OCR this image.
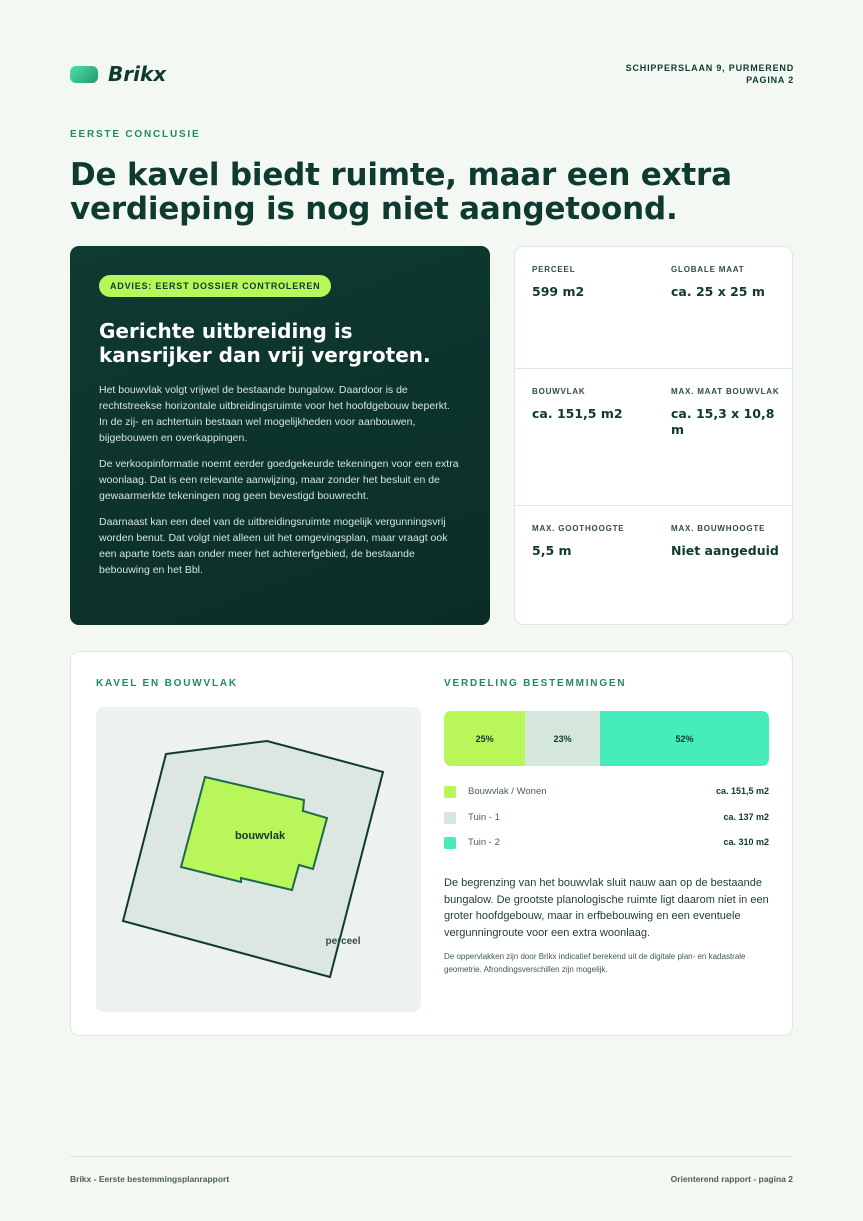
Brikx	SCHIPPERSLAAN 9, PURMEREND
PAGINA 2
EERSTE CONCLUSIE
De kavel biedt ruimte, maar een extra verdieping is nog niet aangetoond.
ADVIES: EERST DOSSIER CONTROLEREN
Gerichte uitbreiding is kansrijker dan vrij vergroten.

Het bouwvlak volgt vrijwel de bestaande bungalow. Daardoor is de rechtstreekse horizontale uitbreidingsruimte voor het hoofdgebouw beperkt. In de zij- en achtertuin bestaan wel mogelijkheden voor aanbouwen, bijgebouwen en overkappingen.

De verkoopinformatie noemt eerder goedgekeurde tekeningen voor een extra woonlaag. Dat is een relevante aanwijzing, maar zonder het besluit en de gewaarmerkte tekeningen nog geen bevestigd bouwrecht.

Daarnaast kan een deel van de uitbreidingsruimte mogelijk vergunningsvrij worden benut. Dat volgt niet alleen uit het omgevingsplan, maar vraagt ook een aparte toets aan onder meer het achtererfgebied, de bestaande bebouwing en het Bbl.

PERCEEL
599 m2
GLOBALE MAAT
ca. 25 x 25 m
BOUWVLAK
ca. 151,5 m2
MAX. MAAT BOUWVLAK
ca. 15,3 x 10,8 m
MAX. GOOTHOOGTE
5,5 m
MAX. BOUWHOOGTE
Niet aangeduid
KAVEL EN BOUWVLAK
bouwvlak
perceel
VERDELING BESTEMMINGEN
25%	23%	52%
Bouwvlak / Wonen	ca. 151,5 m2
Tuin - 1	ca. 137 m2
Tuin - 2	ca. 310 m2

De begrenzing van het bouwvlak sluit nauw aan op de bestaande bungalow. De grootste planologische ruimte ligt daarom niet in een groter hoofdgebouw, maar in erfbebouwing en een eventuele vergunningroute voor een extra woonlaag.

De oppervlakken zijn door Brikx indicatief berekend uit de digitale plan- en kadastrale geometrie. Afrondingsverschillen zijn mogelijk.

Brikx - Eerste bestemmingsplanrapport	Orienterend rapport - pagina 2
